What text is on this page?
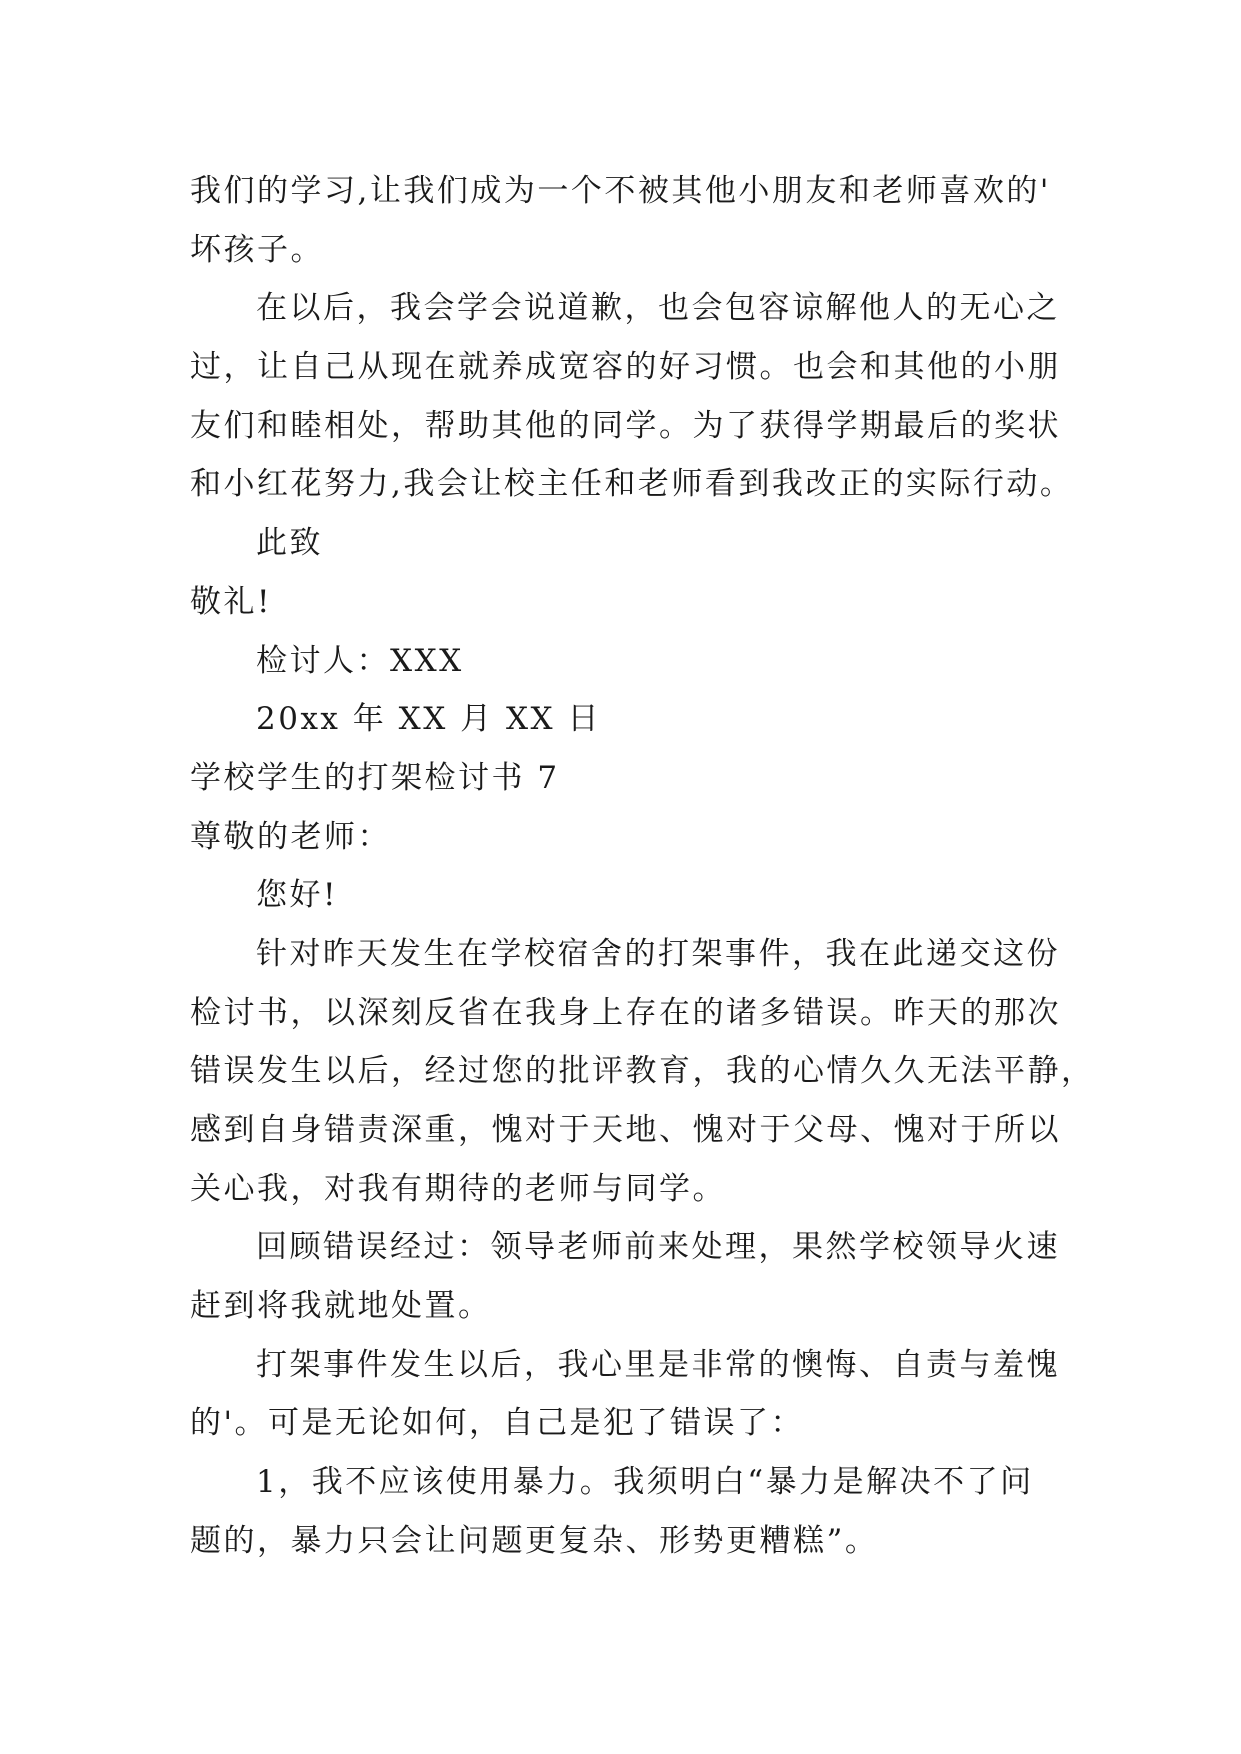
我们的学习,让我们成为一个不被其他小朋友和老师喜欢的'
坏孩子。
在以后，我会学会说道歉，也会包容谅解他人的无心之
过，让自己从现在就养成宽容的好习惯。也会和其他的小朋
友们和睦相处，帮助其他的同学。为了获得学期最后的奖状
和小红花努力,我会让校主任和老师看到我改正的实际行动。
此致
敬礼!
检讨人：XXX
20xx 年 XX 月 XX 日
学校学生的打架检讨书 7
尊敬的老师：
您好!
针对昨天发生在学校宿舍的打架事件，我在此递交这份
检讨书，以深刻反省在我身上存在的诸多错误。昨天的那次
错误发生以后，经过您的批评教育，我的心情久久无法平静，
感到自身错责深重，愧对于天地、愧对于父母、愧对于所以
关心我，对我有期待的老师与同学。
回顾错误经过：领导老师前来处理，果然学校领导火速
赶到将我就地处置。
打架事件发生以后，我心里是非常的懊悔、自责与羞愧
的'。可是无论如何，自己是犯了错误了：
1，我不应该使用暴力。我须明白“暴力是解决不了问
题的，暴力只会让问题更复杂、形势更糟糕”。
